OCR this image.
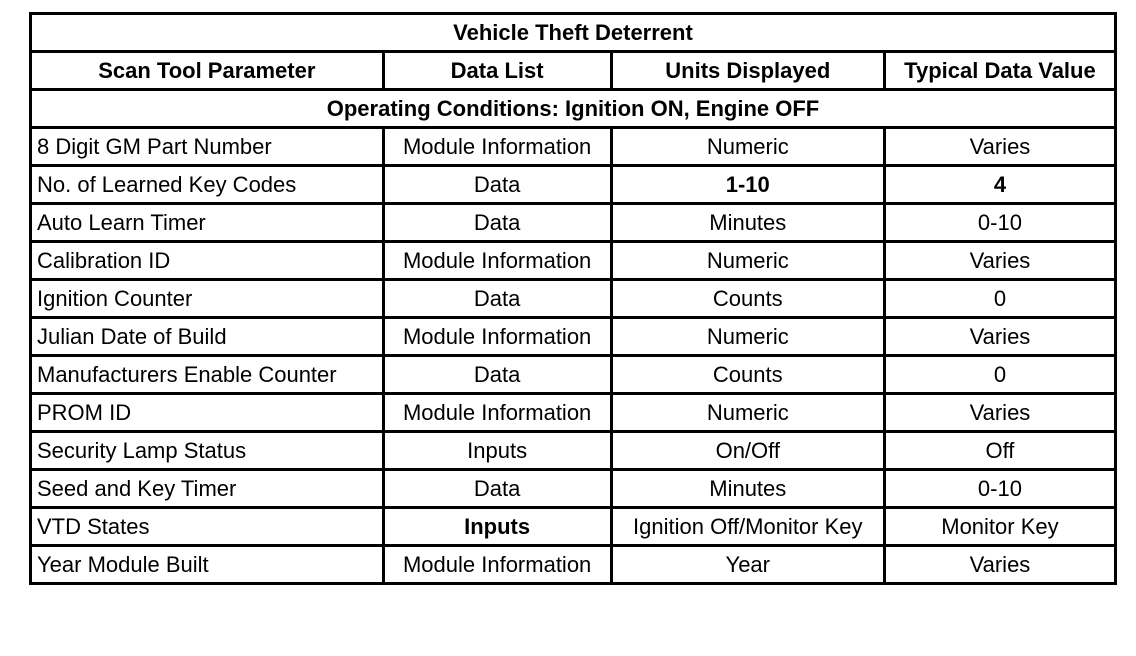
Vehicle Theft Deterrent			
Scan Tool Parameter	Data List	Units Displayed	Typical Data Value
Operating Conditions: Ignition ON, Engine OFF			
8 Digit GM Part Number	Module Information	Numeric	Varies
No. of Learned Key Codes	Data	1-10	4
Auto Learn Timer	Data	Minutes	0-10
Calibration ID	Module Information	Numeric	Varies
Ignition Counter	Data	Counts	0
Julian Date of Build	Module Information	Numeric	Varies
Manufacturers Enable Counter	Data	Counts	0
PROM ID	Module Information	Numeric	Varies
Security Lamp Status	Inputs	On/Off	Off
Seed and Key Timer	Data	Minutes	0-10
VTD States	Inputs	Ignition Off/Monitor Key	Monitor Key
Year Module Built	Module Information	Year	Varies
